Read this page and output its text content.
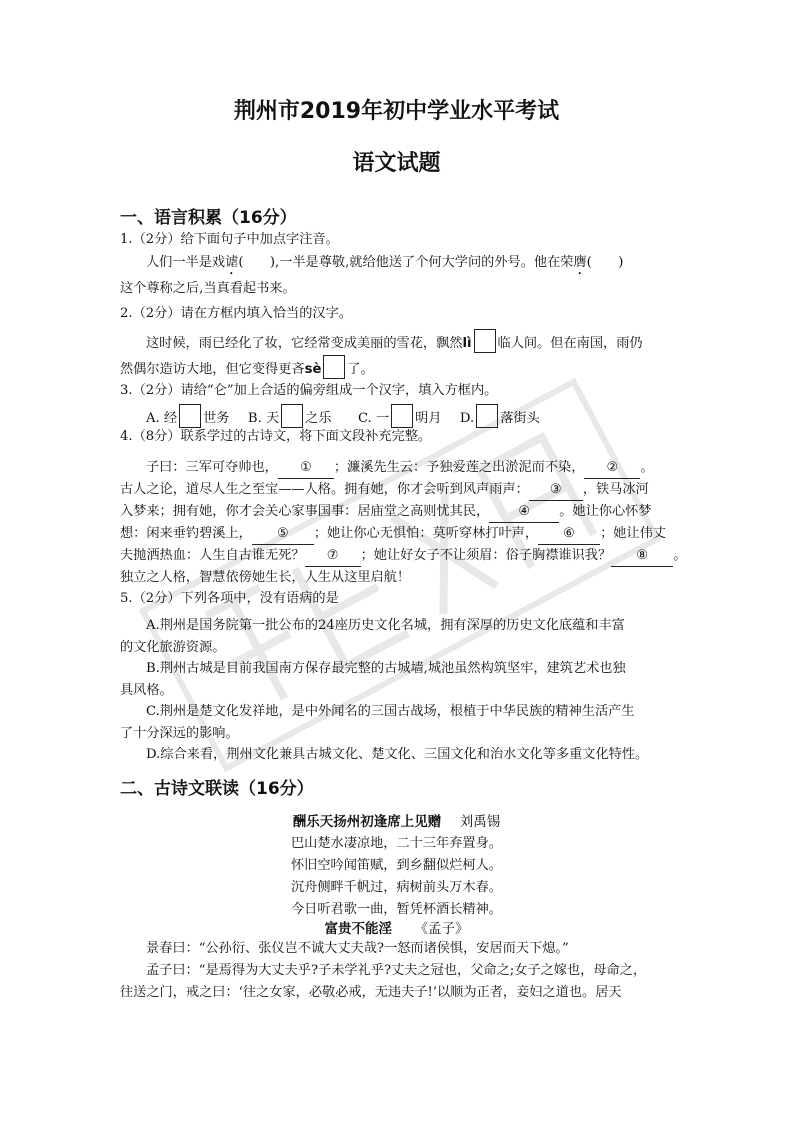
荆州市2019年初中学业水平考试
语文试题
一、语言积累（16分）
1.（2分）给下面句子中加点字注音。
人们一半是戏谑(　　),一半是尊敬,就给他送了个何大学问的外号。他在荣膺(　　)
这个尊称之后,当真看起书来。
2.（2分）请在方框内填入恰当的汉字。
这时候，雨已经化了妆，它经常变成美丽的雪花，飘然lì 临人间。但在南国，雨仍
然偶尔造访大地，但它变得更吝sè 了。
3.（2分）请给“仑”加上合适的偏旁组成一个汉字，填入方框内。
A. 经 世务 B. 天 之乐 C. 一 明月 D. 落街头
4.（8分）联系学过的古诗文，将下面文段补充完整。
子曰：三军可夺帅也， ① ；濂溪先生云：予独爱莲之出淤泥而不染， ② 。
古人之论，道尽人生之至宝——人格。拥有她，你才会听到风声雨声： ③ ，铁马冰河
入梦来；拥有她，你才会关心家事国事：居庙堂之高则忧其民， ④ 。她让你心怀梦
想：闲来垂钓碧溪上， ⑤ ；她让你心无惧怕：莫听穿林打叶声， ⑥ ；她让伟丈
夫抛洒热血：人生自古谁无死？ ⑦ ；她让好女子不让须眉：俗子胸襟谁识我？ ⑧ 。
独立之人格，智慧依傍她生长，人生从这里启航！
5.（2分）下列各项中，没有语病的是
A.荆州是国务院第一批公布的24座历史文化名城，拥有深厚的历史文化底蕴和丰富
的文化旅游资源。
B.荆州古城是目前我国南方保存最完整的古城墙,城池虽然构筑坚牢，建筑艺术也独
具风格。
C.荆州是楚文化发祥地，是中外闻名的三国古战场，根植于中华民族的精神生活产生
了十分深远的影响。
D.综合来看，荆州文化兼具古城文化、楚文化、三国文化和治水文化等多重文化特性。
二、古诗文联读（16分）
酬乐天扬州初逢席上见赠 刘禹锡
巴山楚水凄凉地，二十三年弃置身。
怀旧空吟闻笛赋，到乡翻似烂柯人。
沉舟侧畔千帆过，病树前头万木春。
今日听君歌一曲，暂凭杯酒长精神。
富贵不能淫 《孟子》
景春曰：“公孙衍、张仪岂不诚大丈夫哉?一怒而诸侯惧，安居而天下熄。”
孟子曰：“是焉得为大丈夫乎?子未学礼乎?丈夫之冠也，父命之;女子之嫁也，母命之，
往送之门，戒之曰：‘往之女家，必敬必戒，无违夫子!’以顺为正者，妾妇之道也。居天
